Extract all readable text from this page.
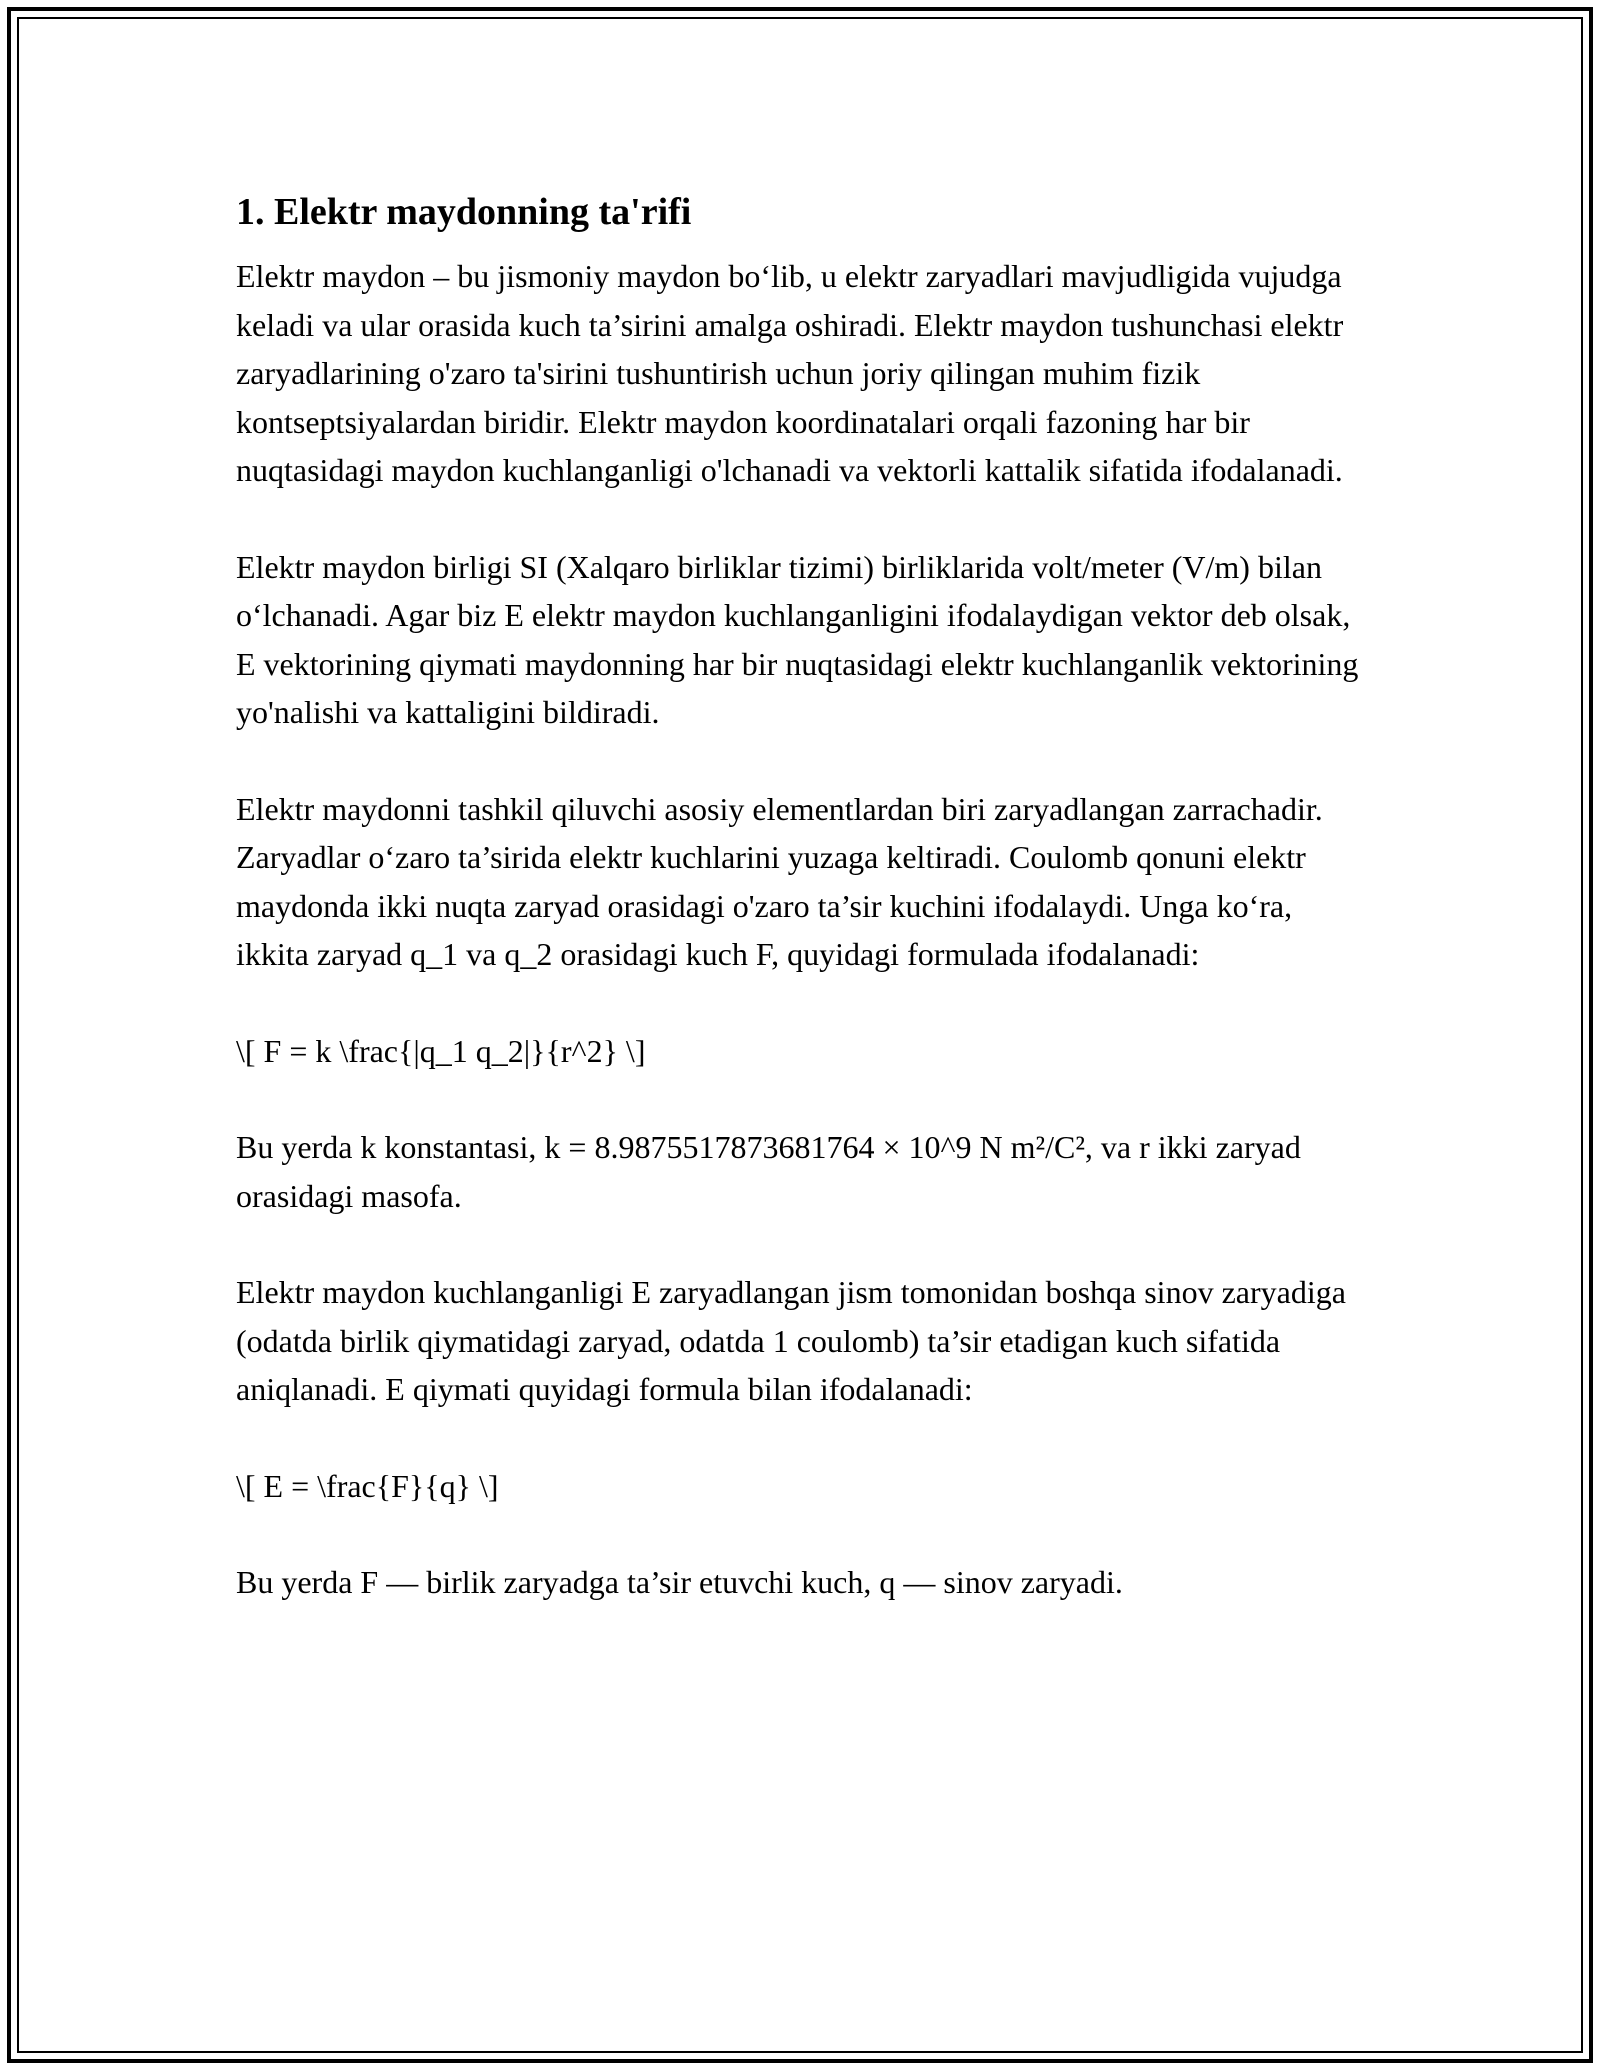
1. Elektr maydonning ta'rifi

Elektr maydon – bu jismoniy maydon bo‘lib, u elektr zaryadlari mavjudligida vujudga keladi va ular orasida kuch ta’sirini amalga oshiradi. Elektr maydon tushunchasi elektr zaryadlarining o'zaro ta'sirini tushuntirish uchun joriy qilingan muhim fizik kontseptsiyalardan biridir. Elektr maydon koordinatalari orqali fazoning har bir nuqtasidagi maydon kuchlanganligi o'lchanadi va vektorli kattalik sifatida ifodalanadi.

Elektr maydon birligi SI (Xalqaro birliklar tizimi) birliklarida volt/meter (V/m) bilan o‘lchanadi. Agar biz E elektr maydon kuchlanganligini ifodalaydigan vektor deb olsak, E vektorining qiymati maydonning har bir nuqtasidagi elektr kuchlanganlik vektorining yo'nalishi va kattaligini bildiradi.

Elektr maydonni tashkil qiluvchi asosiy elementlardan biri zaryadlangan zarrachadir. Zaryadlar o‘zaro ta’sirida elektr kuchlarini yuzaga keltiradi. Coulomb qonuni elektr maydonda ikki nuqta zaryad orasidagi o'zaro ta’sir kuchini ifodalaydi. Unga ko‘ra, ikkita zaryad q_1 va q_2 orasidagi kuch F, quyidagi formulada ifodalanadi:

\[ F = k \frac{|q_1 q_2|}{r^2} \]

Bu yerda k konstantasi, k = 8.9875517873681764 × 10^9 N m²/C², va r ikki zaryad orasidagi masofa.

Elektr maydon kuchlanganligi E zaryadlangan jism tomonidan boshqa sinov zaryadiga (odatda birlik qiymatidagi zaryad, odatda 1 coulomb) ta’sir etadigan kuch sifatida aniqlanadi. E qiymati quyidagi formula bilan ifodalanadi:

\[ E = \frac{F}{q} \]

Bu yerda F — birlik zaryadga ta’sir etuvchi kuch, q — sinov zaryadi.
